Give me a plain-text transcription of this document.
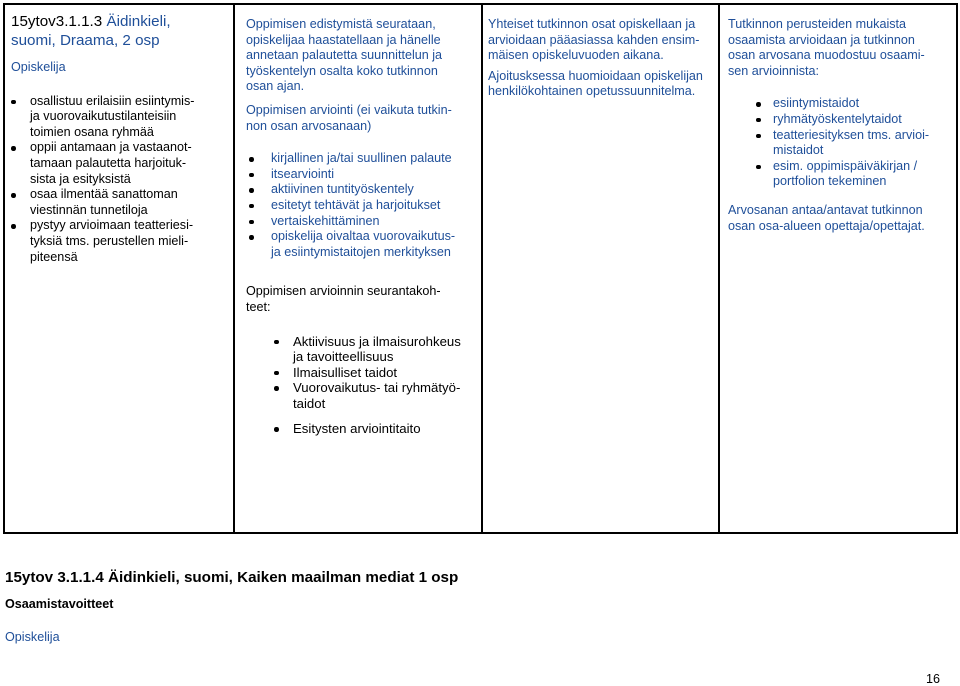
15ytov3.1.1.3 Äidinkieli,
suomi, Draama, 2 osp
Opiskelija
osallistuu erilaisiin esiintymis-
ja vuorovaikutustilanteisiin
toimien osana ryhmää
oppii antamaan ja vastaanot-
tamaan palautetta harjoituk-
sista ja esityksistä
osaa ilmentää sanattoman
viestinnän tunnetiloja
pystyy arvioimaan teatteriesi-
tyksiä tms. perustellen mieli-
piteensä

Oppimisen edistymistä seurataan,
opiskelijaa haastatellaan ja hänelle
annetaan palautetta suunnittelun ja
työskentelyn osalta koko tutkinnon
osan ajan.

Oppimisen arviointi (ei vaikuta tutkin-
non osan arvosanaan)

kirjallinen ja/tai suullinen palaute
itsearviointi
aktiivinen tuntityöskentely
esitetyt tehtävät ja harjoitukset
vertaiskehittäminen
opiskelija oivaltaa vuorovaikutus-
ja esiintymistaitojen merkityksen

Oppimisen arvioinnin seurantakoh-
teet:

Aktiivisuus ja ilmaisurohkeus
ja tavoitteellisuus
Ilmaisulliset taidot
Vuorovaikutus- tai ryhmätyö-
taidot
Esitysten arviointitaito

Yhteiset tutkinnon osat opiskellaan ja
arvioidaan pääasiassa kahden ensim-
mäisen opiskeluvuoden aikana.

Ajoitusksessa huomioidaan opiskelijan
henkilökohtainen opetussuunnitelma.

Tutkinnon perusteiden mukaista
osaamista arvioidaan ja tutkinnon
osan arvosana muodostuu osaami-
sen arvioinnista:

esiintymistaidot
ryhmätyöskentelytaidot
teatteriesityksen tms. arvioi-
mistaidot
esim. oppimispäiväkirjan /
portfolion tekeminen

Arvosanan antaa/antavat tutkinnon
osan osa-alueen opettaja/opettajat.

15ytov 3.1.1.4 Äidinkieli, suomi, Kaiken maailman mediat 1 osp
Osaamistavoitteet
Opiskelija
16
